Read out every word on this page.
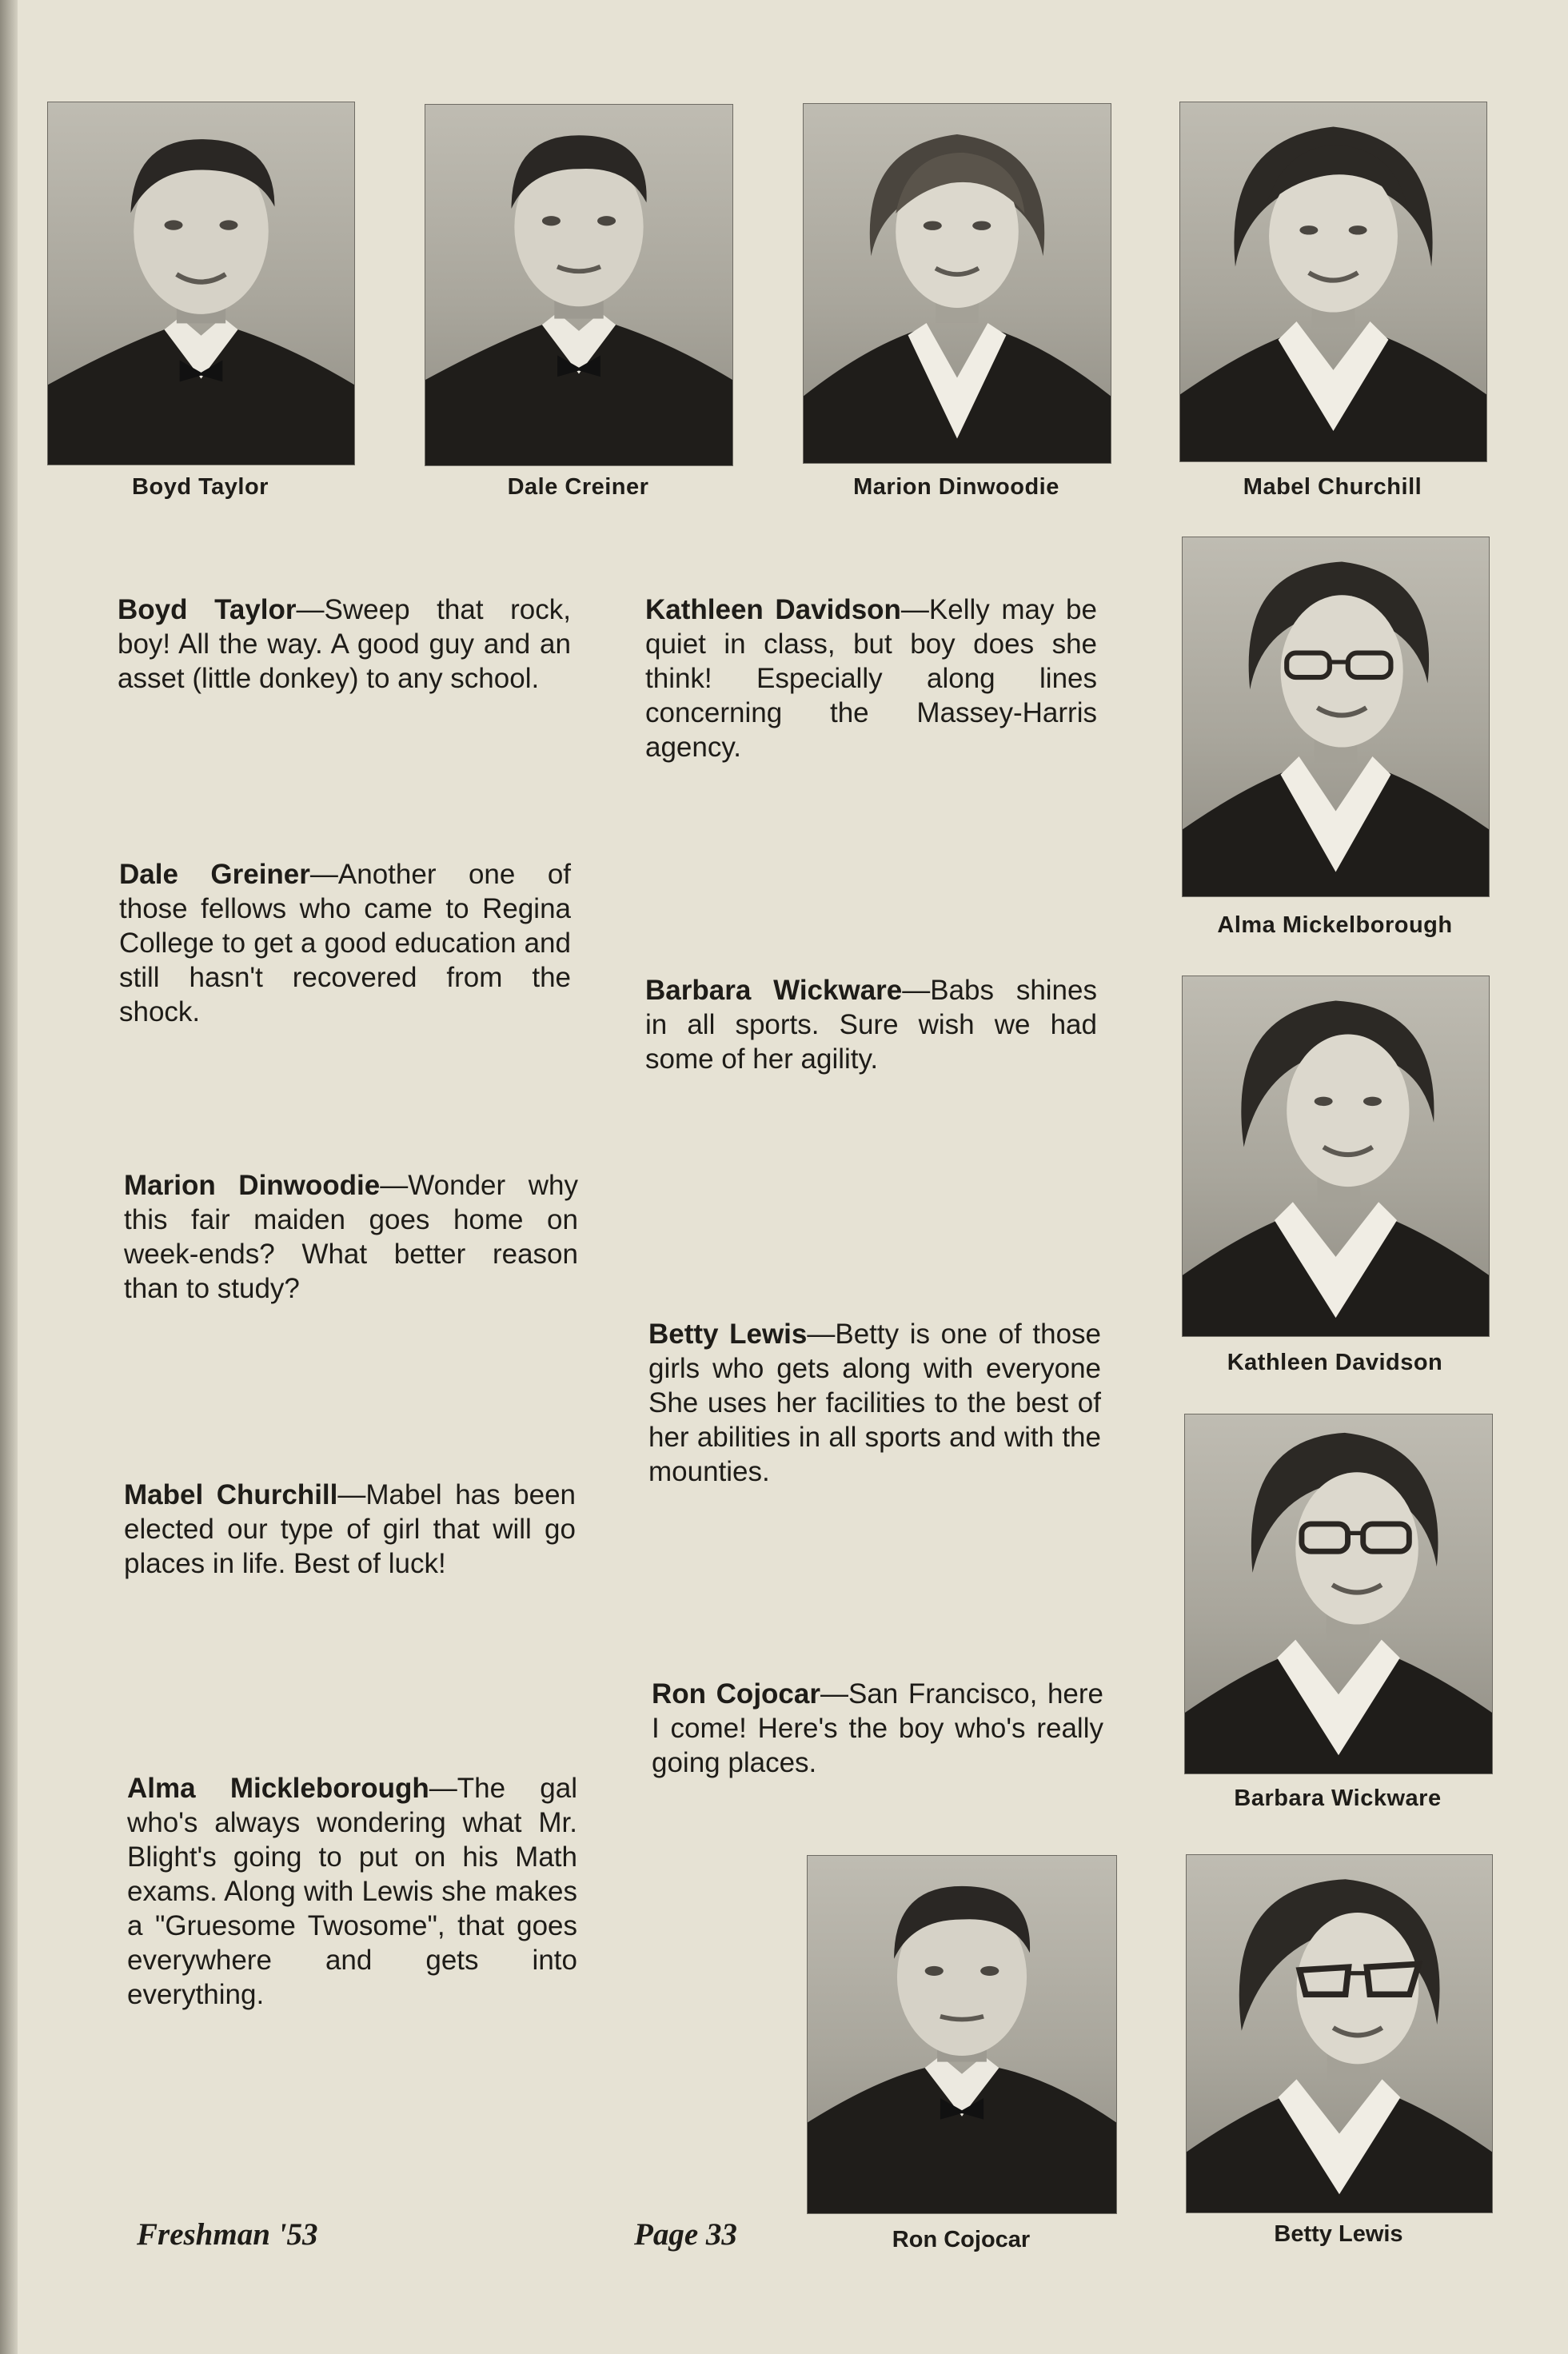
Boyd Taylor	Dale Creiner	Marion Dinwoodie	Mabel Churchill
Alma Mickelborough
Kathleen Davidson
Barbara Wickware
Ron Cojocar	Betty Lewis

Boyd Taylor—Sweep that rock, boy! All the way. A good guy and an asset (little donkey) to any school.

Dale Greiner—Another one of those fellows who came to Regina College to get a good education and still hasn't recovered from the shock.

Marion Dinwoodie—Wonder why this fair maiden goes home on week-ends? What better reason than to study?

Mabel Churchill—Mabel has been elected our type of girl that will go places in life. Best of luck!

Alma Mickleborough—The gal who's always wondering what Mr. Blight's going to put on his Math exams. Along with Lewis she makes a "Gruesome Twosome", that goes everywhere and gets into everything.

Kathleen Davidson—Kelly may be quiet in class, but boy does she think! Especially along lines concerning the Massey-Harris agency.

Barbara Wickware—Babs shines in all sports. Sure wish we had some of her agility.

Betty Lewis—Betty is one of those girls who gets along with everyone She uses her facilities to the best of her abilities in all sports and with the mounties.

Ron Cojocar—San Francisco, here I come! Here's the boy who's really going places.

Freshman '53	Page 33
